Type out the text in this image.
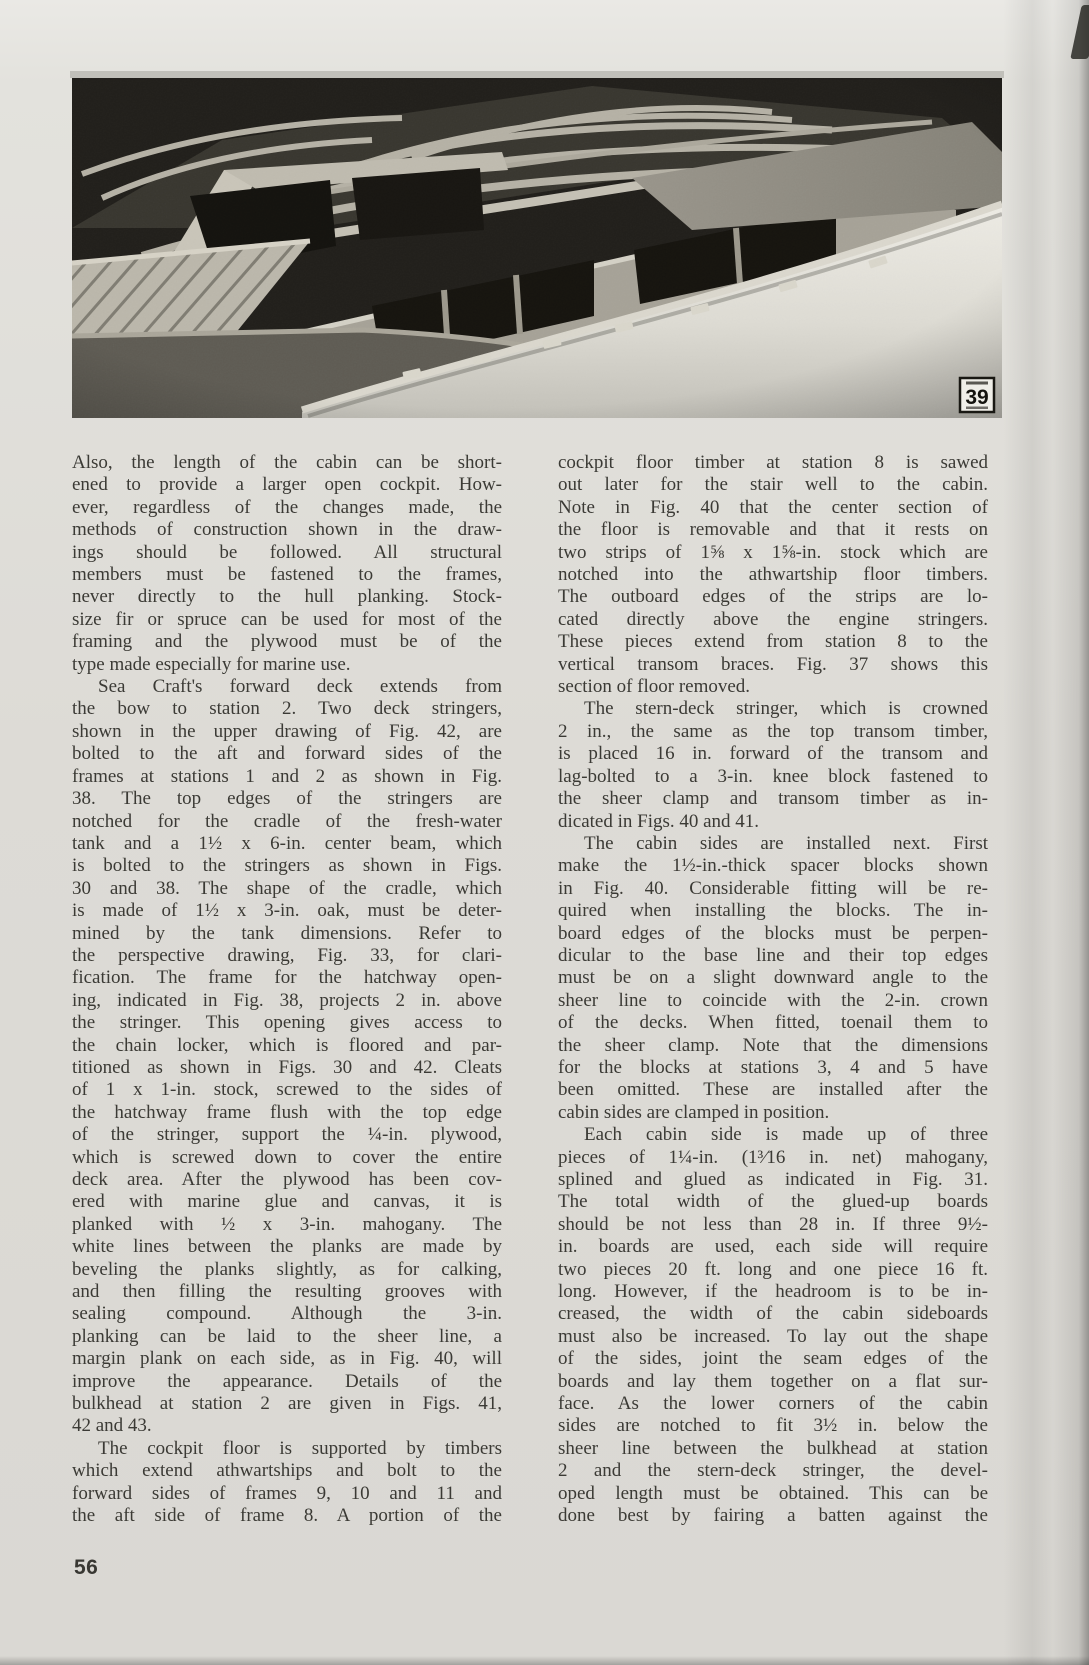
39
Also, the length of the cabin can be short-
ened to provide a larger open cockpit. How-
ever, regardless of the changes made, the
methods of construction shown in the draw-
ings should be followed. All structural
members must be fastened to the frames,
never directly to the hull planking. Stock-
size fir or spruce can be used for most of the
framing and the plywood must be of the
type made especially for marine use.
Sea Craft's forward deck extends from
the bow to station 2. Two deck stringers,
shown in the upper drawing of Fig. 42, are
bolted to the aft and forward sides of the
frames at stations 1 and 2 as shown in Fig.
38. The top edges of the stringers are
notched for the cradle of the fresh-water
tank and a 1½ x 6-in. center beam, which
is bolted to the stringers as shown in Figs.
30 and 38. The shape of the cradle, which
is made of 1½ x 3-in. oak, must be deter-
mined by the tank dimensions. Refer to
the perspective drawing, Fig. 33, for clari-
fication. The frame for the hatchway open-
ing, indicated in Fig. 38, projects 2 in. above
the stringer. This opening gives access to
the chain locker, which is floored and par-
titioned as shown in Figs. 30 and 42. Cleats
of 1 x 1-in. stock, screwed to the sides of
the hatchway frame flush with the top edge
of the stringer, support the ¼-in. plywood,
which is screwed down to cover the entire
deck area. After the plywood has been cov-
ered with marine glue and canvas, it is
planked with ½ x 3-in. mahogany. The
white lines between the planks are made by
beveling the planks slightly, as for calking,
and then filling the resulting grooves with
sealing compound. Although the 3-in.
planking can be laid to the sheer line, a
margin plank on each side, as in Fig. 40, will
improve the appearance. Details of the
bulkhead at station 2 are given in Figs. 41,
42 and 43.
The cockpit floor is supported by timbers
which extend athwartships and bolt to the
forward sides of frames 9, 10 and 11 and
the aft side of frame 8. A portion of the
cockpit floor timber at station 8 is sawed
out later for the stair well to the cabin.
Note in Fig. 40 that the center section of
the floor is removable and that it rests on
two strips of 1⅝ x 1⅝-in. stock which are
notched into the athwartship floor timbers.
The outboard edges of the strips are lo-
cated directly above the engine stringers.
These pieces extend from station 8 to the
vertical transom braces. Fig. 37 shows this
section of floor removed.
The stern-deck stringer, which is crowned
2 in., the same as the top transom timber,
is placed 16 in. forward of the transom and
lag-bolted to a 3-in. knee block fastened to
the sheer clamp and transom timber as in-
dicated in Figs. 40 and 41.
The cabin sides are installed next. First
make the 1½-in.-thick spacer blocks shown
in Fig. 40. Considerable fitting will be re-
quired when installing the blocks. The in-
board edges of the blocks must be perpen-
dicular to the base line and their top edges
must be on a slight downward angle to the
sheer line to coincide with the 2-in. crown
of the decks. When fitted, toenail them to
the sheer clamp. Note that the dimensions
for the blocks at stations 3, 4 and 5 have
been omitted. These are installed after the
cabin sides are clamped in position.
Each cabin side is made up of three
pieces of 1¼-in. (1³⁄16 in. net) mahogany,
splined and glued as indicated in Fig. 31.
The total width of the glued-up boards
should be not less than 28 in. If three 9½-
in. boards are used, each side will require
two pieces 20 ft. long and one piece 16 ft.
long. However, if the headroom is to be in-
creased, the width of the cabin sideboards
must also be increased. To lay out the shape
of the sides, joint the seam edges of the
boards and lay them together on a flat sur-
face. As the lower corners of the cabin
sides are notched to fit 3½ in. below the
sheer line between the bulkhead at station
2 and the stern-deck stringer, the devel-
oped length must be obtained. This can be
done best by fairing a batten against the
56
